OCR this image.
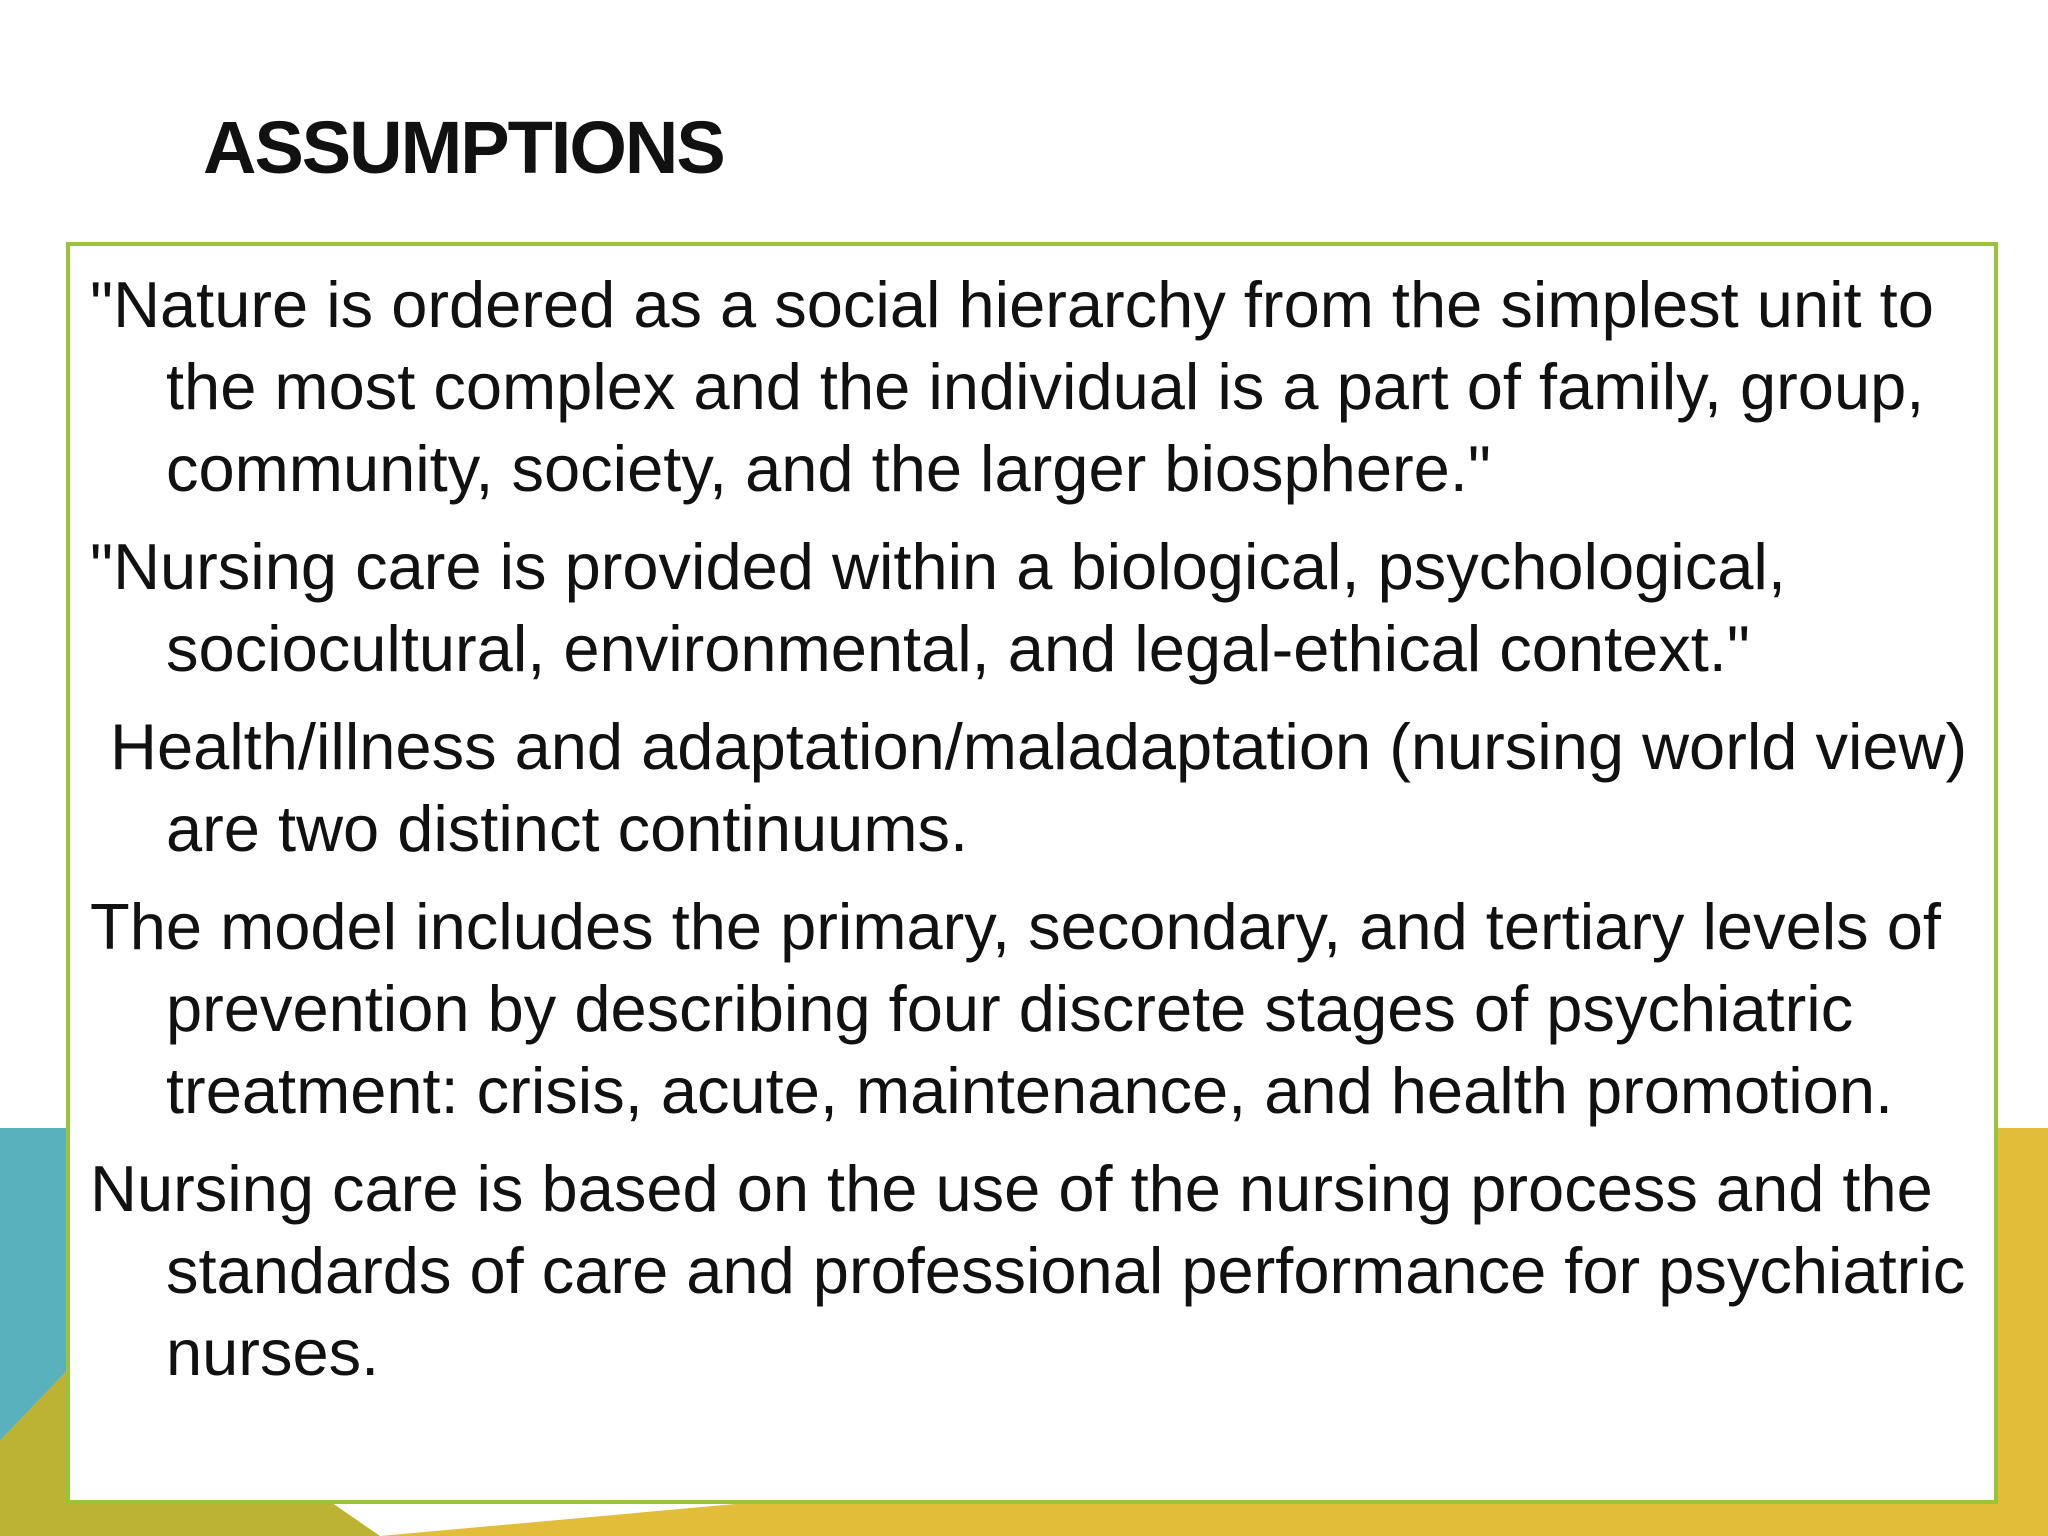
ASSUMPTIONS

"Nature is ordered as a social hierarchy from the simplest unit to the most complex and the individual is a part of family, group, community, society, and the larger biosphere."

"Nursing care is provided within a biological, psychological, sociocultural, environmental, and legal-ethical context."

Health/illness and adaptation/maladaptation (nursing world view) are two distinct continuums.

The model includes the primary, secondary, and tertiary levels of prevention by describing four discrete stages of psychiatric treatment: crisis, acute, maintenance, and health promotion.

Nursing care is based on the use of the nursing process and the standards of care and professional performance for psychiatric nurses.
